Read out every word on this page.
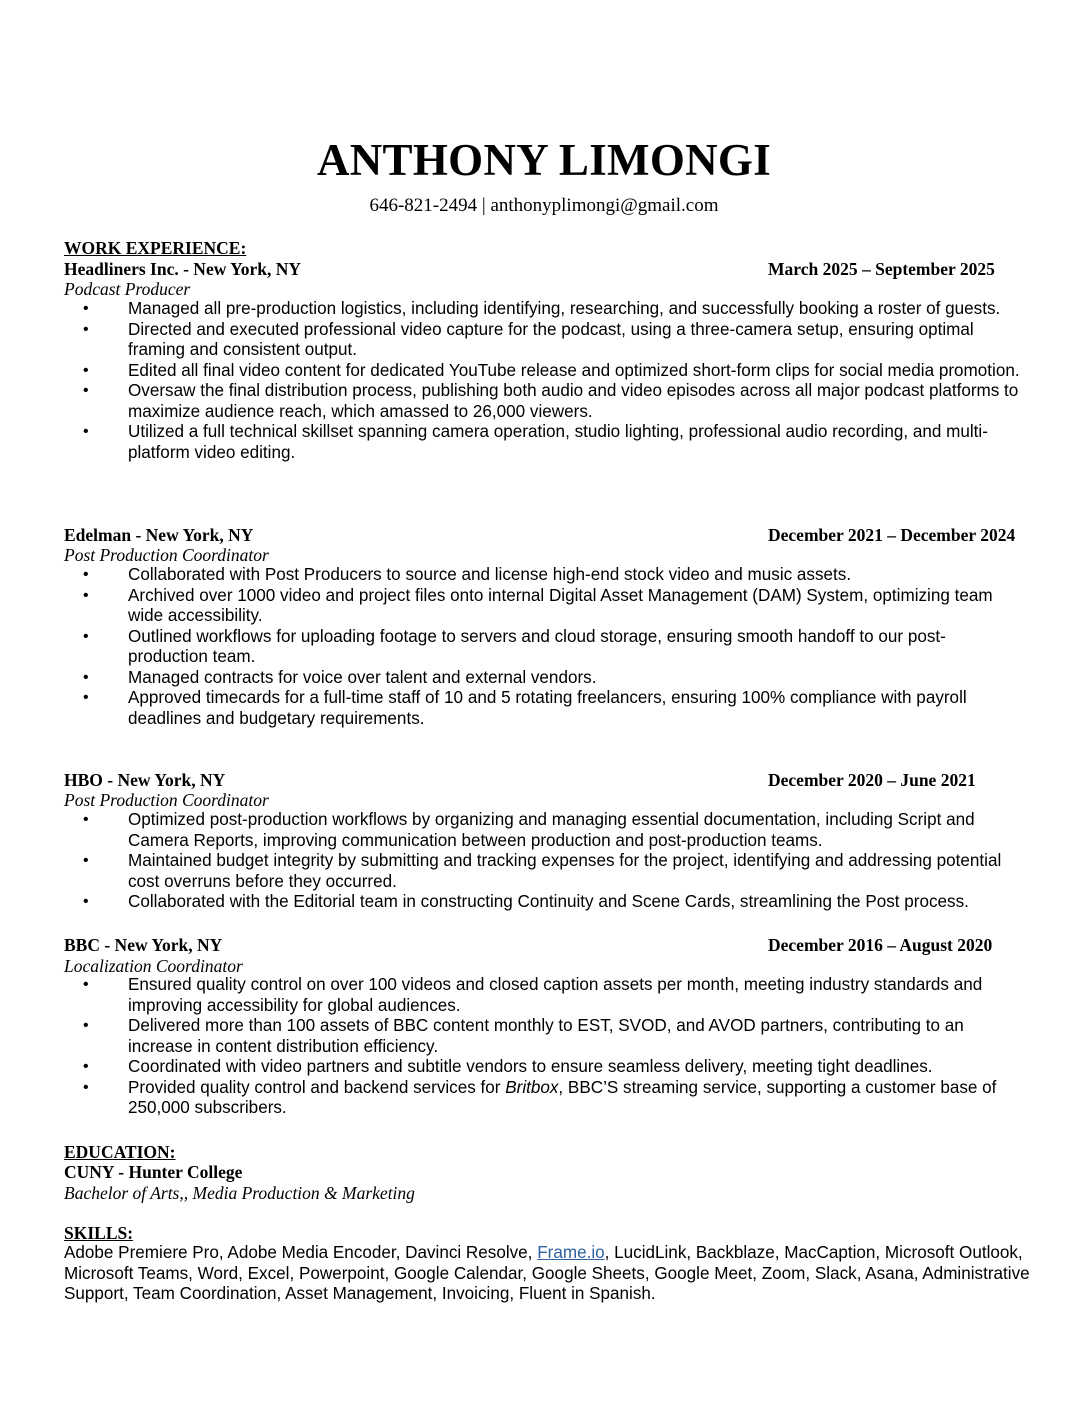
ANTHONY LIMONGI
646-821-2494 | anthonyplimongi@gmail.com
WORK EXPERIENCE:
Headliners Inc. - New York, NY	March 2025 – September 2025
Podcast Producer
• Managed all pre-production logistics, including identifying, researching, and successfully booking a roster of guests.
• Directed and executed professional video capture for the podcast, using a three-camera setup, ensuring optimal framing and consistent output.
• Edited all final video content for dedicated YouTube release and optimized short-form clips for social media promotion.
• Oversaw the final distribution process, publishing both audio and video episodes across all major podcast platforms to maximize audience reach, which amassed to 26,000 viewers.
• Utilized a full technical skillset spanning camera operation, studio lighting, professional audio recording, and multi-platform video editing.
Edelman - New York, NY	December 2021 – December 2024
Post Production Coordinator
• Collaborated with Post Producers to source and license high-end stock video and music assets.
• Archived over 1000 video and project files onto internal Digital Asset Management (DAM) System, optimizing team wide accessibility.
• Outlined workflows for uploading footage to servers and cloud storage, ensuring smooth handoff to our post-production team.
• Managed contracts for voice over talent and external vendors.
• Approved timecards for a full-time staff of 10 and 5 rotating freelancers, ensuring 100% compliance with payroll deadlines and budgetary requirements.
HBO - New York, NY	December 2020 – June 2021
Post Production Coordinator
• Optimized post-production workflows by organizing and managing essential documentation, including Script and Camera Reports, improving communication between production and post-production teams.
• Maintained budget integrity by submitting and tracking expenses for the project, identifying and addressing potential cost overruns before they occurred.
• Collaborated with the Editorial team in constructing Continuity and Scene Cards, streamlining the Post process.
BBC - New York, NY	December 2016 – August 2020
Localization Coordinator
• Ensured quality control on over 100 videos and closed caption assets per month, meeting industry standards and improving accessibility for global audiences.
• Delivered more than 100 assets of BBC content monthly to EST, SVOD, and AVOD partners, contributing to an increase in content distribution efficiency.
• Coordinated with video partners and subtitle vendors to ensure seamless delivery, meeting tight deadlines.
• Provided quality control and backend services for Britbox, BBC’S streaming service, supporting a customer base of 250,000 subscribers.
EDUCATION:
CUNY - Hunter College
Bachelor of Arts,, Media Production & Marketing
SKILLS:
Adobe Premiere Pro, Adobe Media Encoder, Davinci Resolve, Frame.io, LucidLink, Backblaze, MacCaption, Microsoft Outlook, Microsoft Teams, Word, Excel, Powerpoint, Google Calendar, Google Sheets, Google Meet, Zoom, Slack, Asana, Administrative Support, Team Coordination, Asset Management, Invoicing, Fluent in Spanish.
